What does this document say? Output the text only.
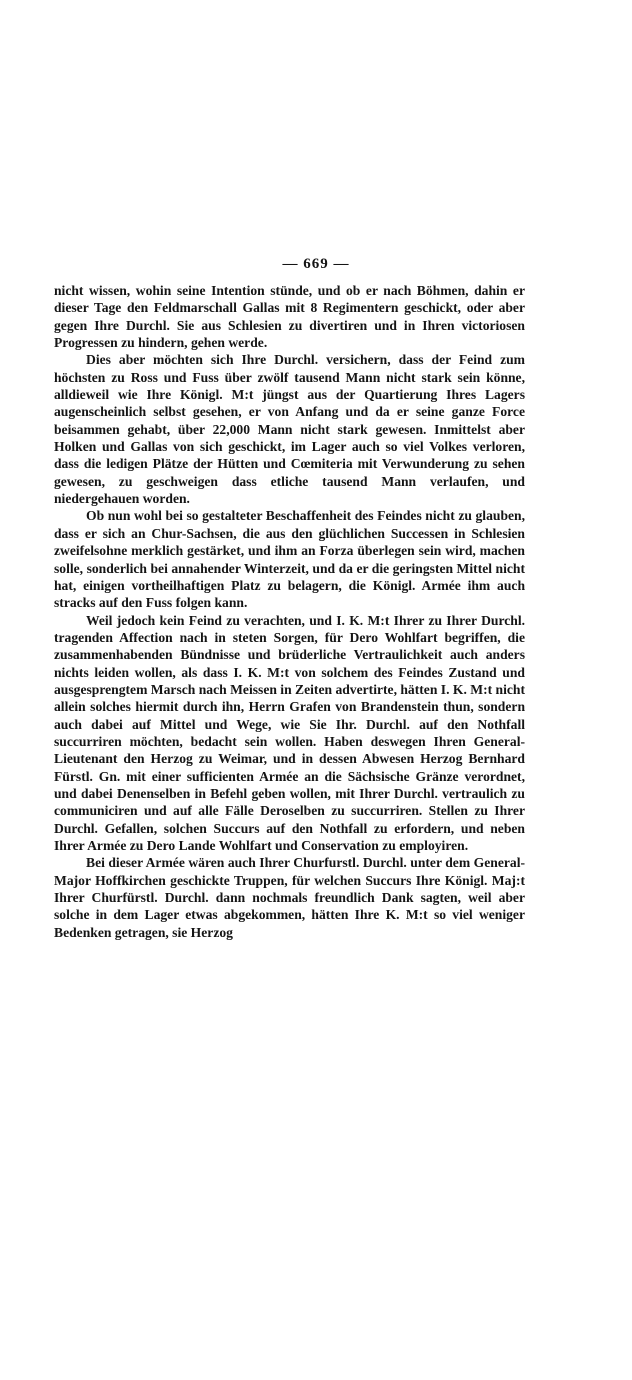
— 669 —

nicht wissen, wohin seine Intention stünde, und ob er nach Böhmen, dahin er dieser Tage den Feldmarschall Gallas mit 8 Regimentern geschickt, oder aber gegen Ihre Durchl. Sie aus Schlesien zu divertiren und in Ihren victoriosen Progressen zu hindern, gehen werde.

Dies aber möchten sich Ihre Durchl. versichern, dass der Feind zum höchsten zu Ross und Fuss über zwölf tausend Mann nicht stark sein könne, alldieweil wie Ihre Königl. M:t jüngst aus der Quartierung Ihres Lagers augenscheinlich selbst gesehen, er von Anfang und da er seine ganze Force beisammen gehabt, über 22,000 Mann nicht stark gewesen. Inmittelst aber Holken und Gallas von sich geschickt, im Lager auch so viel Volkes verloren, dass die ledigen Plätze der Hütten und Cœmiteria mit Verwunderung zu sehen gewesen, zu geschweigen dass etliche tausend Mann verlaufen, und niedergehauen worden.

Ob nun wohl bei so gestalteter Beschaffenheit des Feindes nicht zu glauben, dass er sich an Chur-Sachsen, die aus den glüchlichen Successen in Schlesien zweifelsohne merklich gestärket, und ihm an Forza überlegen sein wird, machen solle, sonderlich bei annahender Winterzeit, und da er die geringsten Mittel nicht hat, einigen vortheilhaftigen Platz zu belagern, die Königl. Armée ihm auch stracks auf den Fuss folgen kann.

Weil jedoch kein Feind zu verachten, und I. K. M:t Ihrer zu Ihrer Durchl. tragenden Affection nach in steten Sorgen, für Dero Wohlfart begriffen, die zusammenhabenden Bündnisse und brüderliche Vertraulichkeit auch anders nichts leiden wollen, als dass I. K. M:t von solchem des Feindes Zustand und ausgesprengtem Marsch nach Meissen in Zeiten advertirte, hätten I. K. M:t nicht allein solches hiermit durch ihn, Herrn Grafen von Brandenstein thun, sondern auch dabei auf Mittel und Wege, wie Sie Ihr. Durchl. auf den Nothfall succurriren möchten, bedacht sein wollen. Haben deswegen Ihren General-Lieutenant den Herzog zu Weimar, und in dessen Abwesen Herzog Bernhard Fürstl. Gn. mit einer sufficienten Armée an die Sächsische Gränze verordnet, und dabei Denenselben in Befehl geben wollen, mit Ihrer Durchl. vertraulich zu communiciren und auf alle Fälle Deroselben zu succurriren. Stellen zu Ihrer Durchl. Gefallen, solchen Succurs auf den Nothfall zu erfordern, und neben Ihrer Armée zu Dero Lande Wohlfart und Conservation zu employiren.

Bei dieser Armée wären auch Ihrer Churfurstl. Durchl. unter dem General-Major Hoffkirchen geschickte Truppen, für welchen Succurs Ihre Königl. Maj:t Ihrer Churfürstl. Durchl. dann nochmals freundlich Dank sagten, weil aber solche in dem Lager etwas abgekommen, hätten Ihre K. M:t so viel weniger Bedenken getragen, sie Herzog
